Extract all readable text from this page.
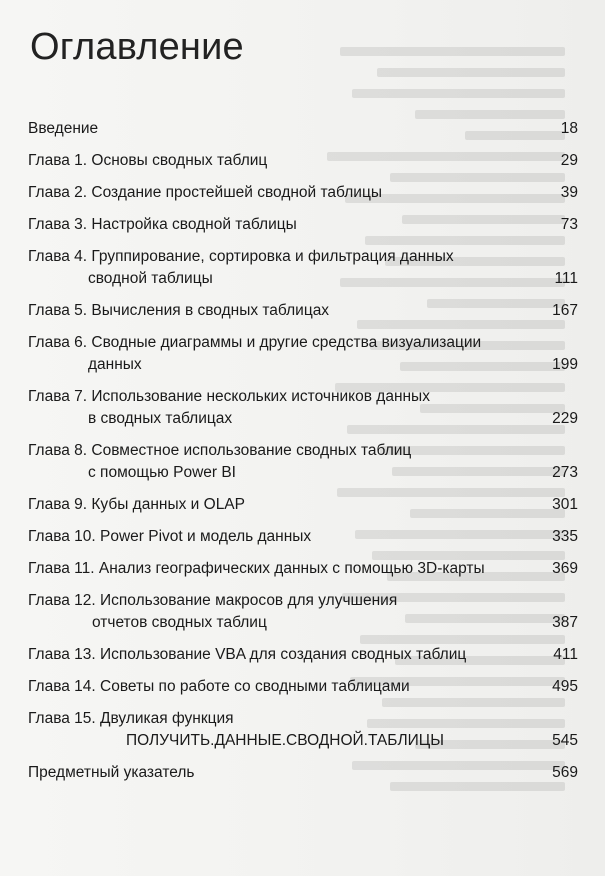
Оглавление
Введение	18
Глава 1. Основы сводных таблиц	29
Глава 2. Создание простейшей сводной таблицы	39
Глава 3. Настройка сводной таблицы	73
Глава 4. Группирование, сортировка и фильтрация данных
сводной таблицы	111
Глава 5. Вычисления в сводных таблицах	167
Глава 6. Сводные диаграммы и другие средства визуализации
данных	199
Глава 7. Использование нескольких источников данных
в сводных таблицах	229
Глава 8. Совместное использование сводных таблиц
с помощью Power BI	273
Глава 9. Кубы данных и OLAP	301
Глава 10. Power Pivot и модель данных	335
Глава 11. Анализ географических данных с помощью 3D-карты	369
Глава 12. Использование макросов для улучшения
отчетов сводных таблиц	387
Глава 13. Использование VBA для создания сводных таблиц	411
Глава 14. Советы по работе со сводными таблицами	495
Глава 15. Двуликая функция
ПОЛУЧИТЬ.ДАННЫЕ.СВОДНОЙ.ТАБЛИЦЫ	545
Предметный указатель	569
